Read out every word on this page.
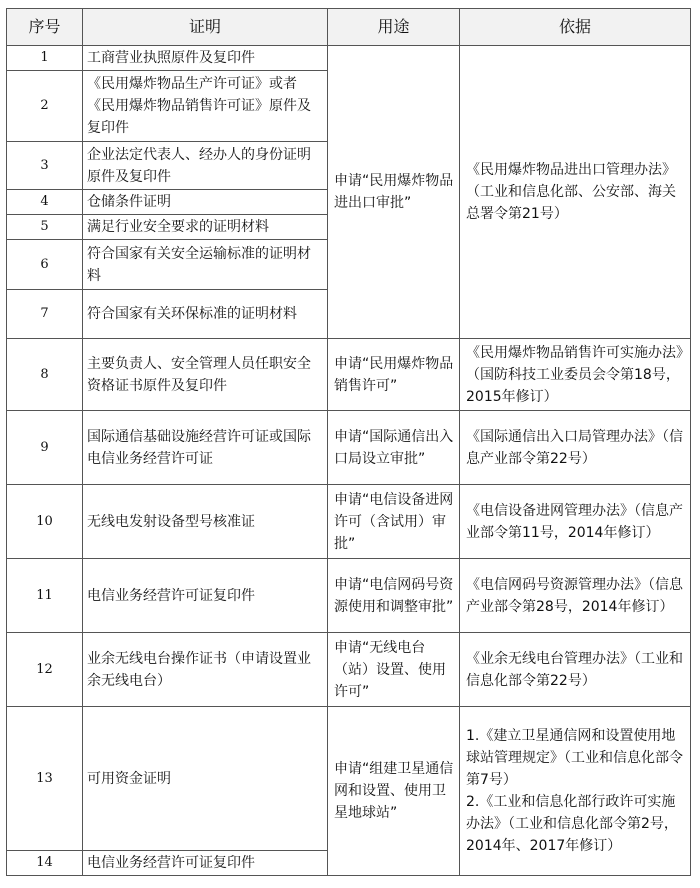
序号	证明	用途	依据
1	工商营业执照原件及复印件	申请“民用爆炸物品进出口审批”	《民用爆炸物品进出口管理办法》（工业和信息化部、公安部、海关总署令第21号）
2	《民用爆炸物品生产许可证》或者《民用爆炸物品销售许可证》原件及复印件		
3	企业法定代表人、经办人的身份证明原件及复印件		
4	仓储条件证明		
5	满足行业安全要求的证明材料		
6	符合国家有关安全运输标准的证明材料		
7	符合国家有关环保标准的证明材料		
8	主要负责人、安全管理人员任职安全资格证书原件及复印件	申请“民用爆炸物品销售许可”	《民用爆炸物品销售许可实施办法》（国防科技工业委员会令第18号，2015年修订）
9	国际通信基础设施经营许可证或国际电信业务经营许可证	申请“国际通信出入口局设立审批”	《国际通信出入口局管理办法》（信息产业部令第22号）
10	无线电发射设备型号核准证	申请“电信设备进网许可（含试用）审批”	《电信设备进网管理办法》（信息产业部令第11号，2014年修订）
11	电信业务经营许可证复印件	申请“电信网码号资源使用和调整审批”	《电信网码号资源管理办法》（信息产业部令第28号，2014年修订）
12	业余无线电台操作证书（申请设置业余无线电台）	申请“无线电台（站）设置、使用许可”	《业余无线电台管理办法》（工业和信息化部令第22号）
13	可用资金证明	申请“组建卫星通信网和设置、使用卫星地球站”	1.《建立卫星通信网和设置使用地球站管理规定》（工业和信息化部令第7号）
2.《工业和信息化部行政许可实施办法》（工业和信息化部令第2号，2014年、2017年修订）

14	电信业务经营许可证复印件		
